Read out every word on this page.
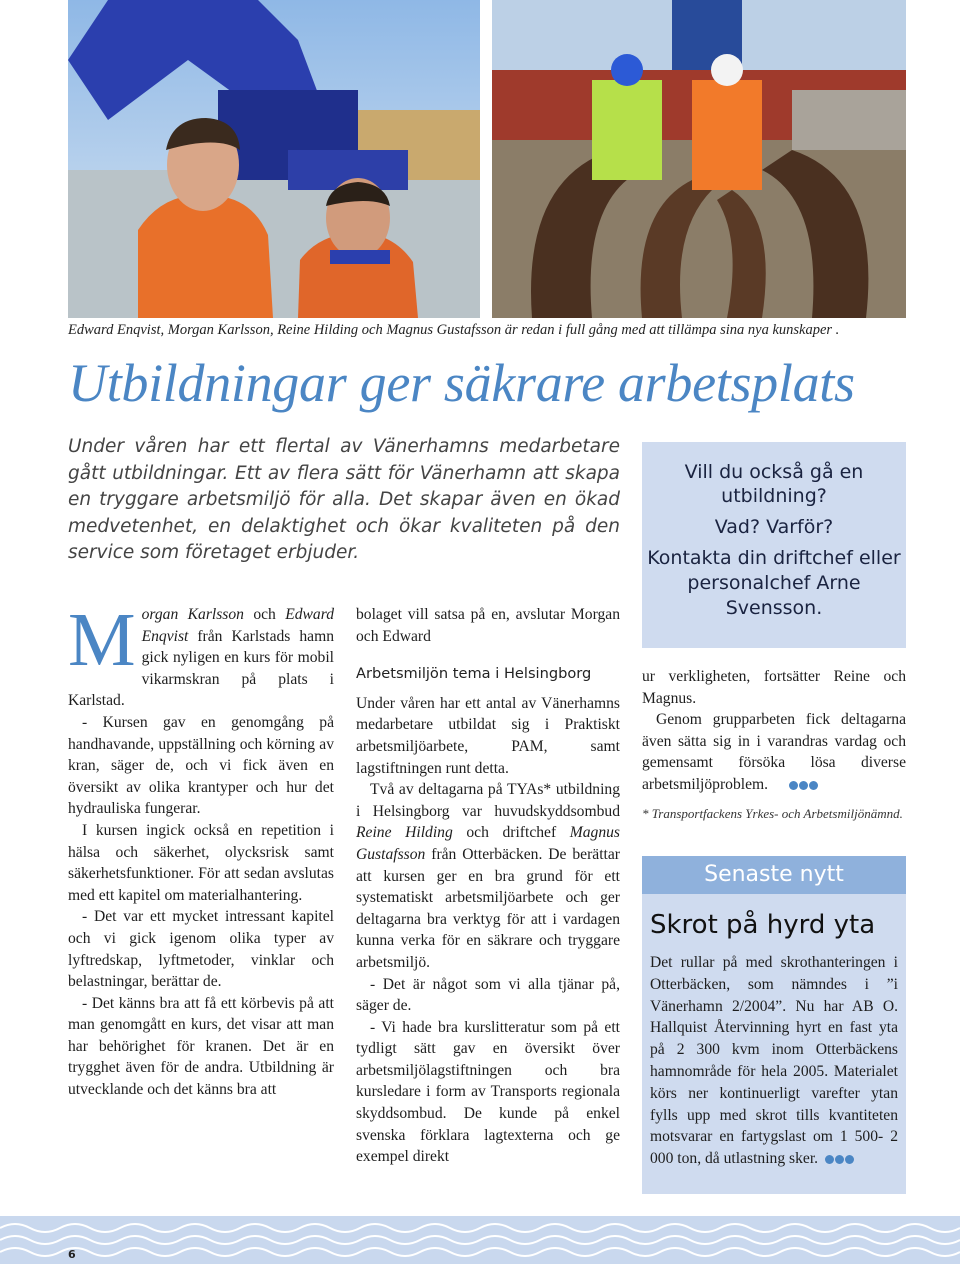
Edward Enqvist, Morgan Karlsson, Reine Hilding och Magnus Gustafsson är redan i full gång med att tillämpa sina nya kunskaper .
Utbildningar ger säkrare arbetsplats
Under våren har ett flertal av Vänerhamns medarbetare gått utbildningar. Ett av flera sätt för Vänerhamn att skapa en tryggare arbetsmiljö för alla. Det skapar även en ökad medvetenhet, en delaktighet och ökar kvaliteten på den service som företaget erbjuder.

Morgan Karlsson och Edward Enqvist från Karlstads hamn gick nyligen en kurs för mobil vikarmskran på plats i Karlstad.

- Kursen gav en genomgång på handhavande, uppställning och körning av kran, säger de, och vi fick även en översikt av olika krantyper och hur det hydrauliska fungerar.

I kursen ingick också en repetition i hälsa och säkerhet, olycksrisk samt säkerhetsfunktioner. För att sedan avslutas med ett kapitel om materialhantering.

- Det var ett mycket intressant kapitel och vi gick igenom olika typer av lyftredskap, lyftmetoder, vinklar och belastningar, berättar de.

- Det känns bra att få ett körbevis på att man genomgått en kurs, det visar att man har behörighet för kranen. Det är en trygghet även för de andra. Utbildning är utvecklande och det känns bra att

bolaget vill satsa på en, avslutar Morgan och Edward

Arbetsmiljön tema i Helsingborg

Under våren har ett antal av Vänerhamns medarbetare utbildat sig i Praktiskt arbetsmiljöarbete, PAM, samt lagstiftningen runt detta.

Två av deltagarna på TYAs* utbildning i Helsingborg var huvudskyddsombud Reine Hilding och driftchef Magnus Gustafsson från Otterbäcken. De berättar att kursen ger en bra grund för ett systematiskt arbetsmiljöarbete och ger deltagarna bra verktyg för att i vardagen kunna verka för en säkrare och tryggare arbetsmiljö.

- Det är något som vi alla tjänar på, säger de.

- Vi hade bra kurslitteratur som på ett tydligt sätt gav en översikt över arbetsmiljölagstiftningen och bra kursledare i form av Transports regionala skyddsombud. De kunde på enkel svenska förklara lagtexterna och ge exempel direkt

Vill du också gå en utbildning?
Vad? Varför?
Kontakta din driftchef eller personalchef Arne Svensson.

ur verkligheten, fortsätter Reine och Magnus.

Genom grupparbeten fick deltagarna även sätta sig in i varandras vardag och gemensamt försöka lösa diverse arbetsmiljöproblem.

* Transportfackens Yrkes- och Arbetsmiljönämnd.
Senaste nytt
Skrot på hyrd yta

Det rullar på med skrothanteringen i Otterbäcken, som nämndes i ”i Vänerhamn 2/2004”. Nu har AB O. Hallquist Återvinning hyrt en fast yta på 2 300 kvm inom Otterbäckens hamnområde för hela 2005. Materialet körs ner kontinuerligt varefter ytan fylls upp med skrot tills kvantiteten motsvarar en fartygslast om 1 500- 2 000 ton, då utlastning sker.

6
